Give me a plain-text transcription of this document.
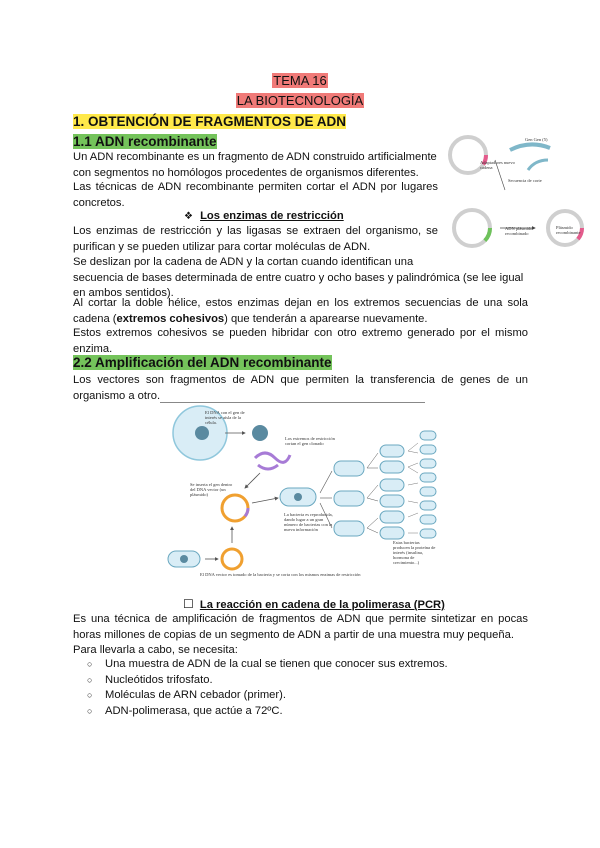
TEMA 16
LA BIOTECNOLOGÍA
1. OBTENCIÓN DE FRAGMENTOS DE ADN
1.1 ADN recombinante
Un ADN recombinante es un fragmento de ADN construido artificialmente
con segmentos no homólogos procedentes de organismos diferentes.
Las técnicas de ADN recombinante permiten cortar el ADN por lugares
concretos.
❖ Los enzimas de restricción
Los enzimas de restricción y las ligasas se extraen del organismo, se
purifican y se pueden utilizar para cortar moléculas de ADN.
Se deslizan por la cadena de ADN y la cortan cuando identifican una
secuencia de bases determinada de entre cuatro y ocho bases y palindrómica (se lee igual
en ambos sentidos).
Al cortar la doble hélice, estos enzimas dejan en los extremos secuencias de una sola
cadena (extremos cohesivos) que tenderán a aparearse nuevamente.
Estos extremos cohesivos se pueden hibridar con otro extremo generado por el mismo
enzima.
Gen Gen (5)
Adaptadores nuevo cadena
Secuencia de corte
ADN plásmido recombinado
Plásmido recombinante
2.2 Amplificación del ADN recombinante
Los vectores son fragmentos de ADN que permiten la transferencia de genes de un
organismo a otro.
El DNA con el gen de interés se aísla de la célula.
Los extremos de restricción cortan el gen clonado
Se inserta el gen dentro del DNA vector (un plásmido)
La bacteria es reproducida, dando lugar a un gran número de bacterias con la nueva información
Estas bacterias producen la proteína de interés (insulina, hormona de crecimiento...)
El DNA vector es tomado de la bacteria y se corta con los mismos enzimas de restricción
☐ La reacción en cadena de la polimerasa (PCR)
Es una técnica de amplificación de fragmentos de ADN que permite sintetizar en pocas
horas millones de copias de un segmento de ADN a partir de una muestra muy pequeña.
Para llevarla a cabo, se necesita:
○ Una muestra de ADN de la cual se tienen que conocer sus extremos.
○ Nucleótidos trifosfato.
○ Moléculas de ARN cebador (primer).
○ ADN-polimerasa, que actúe a 72ºC.
